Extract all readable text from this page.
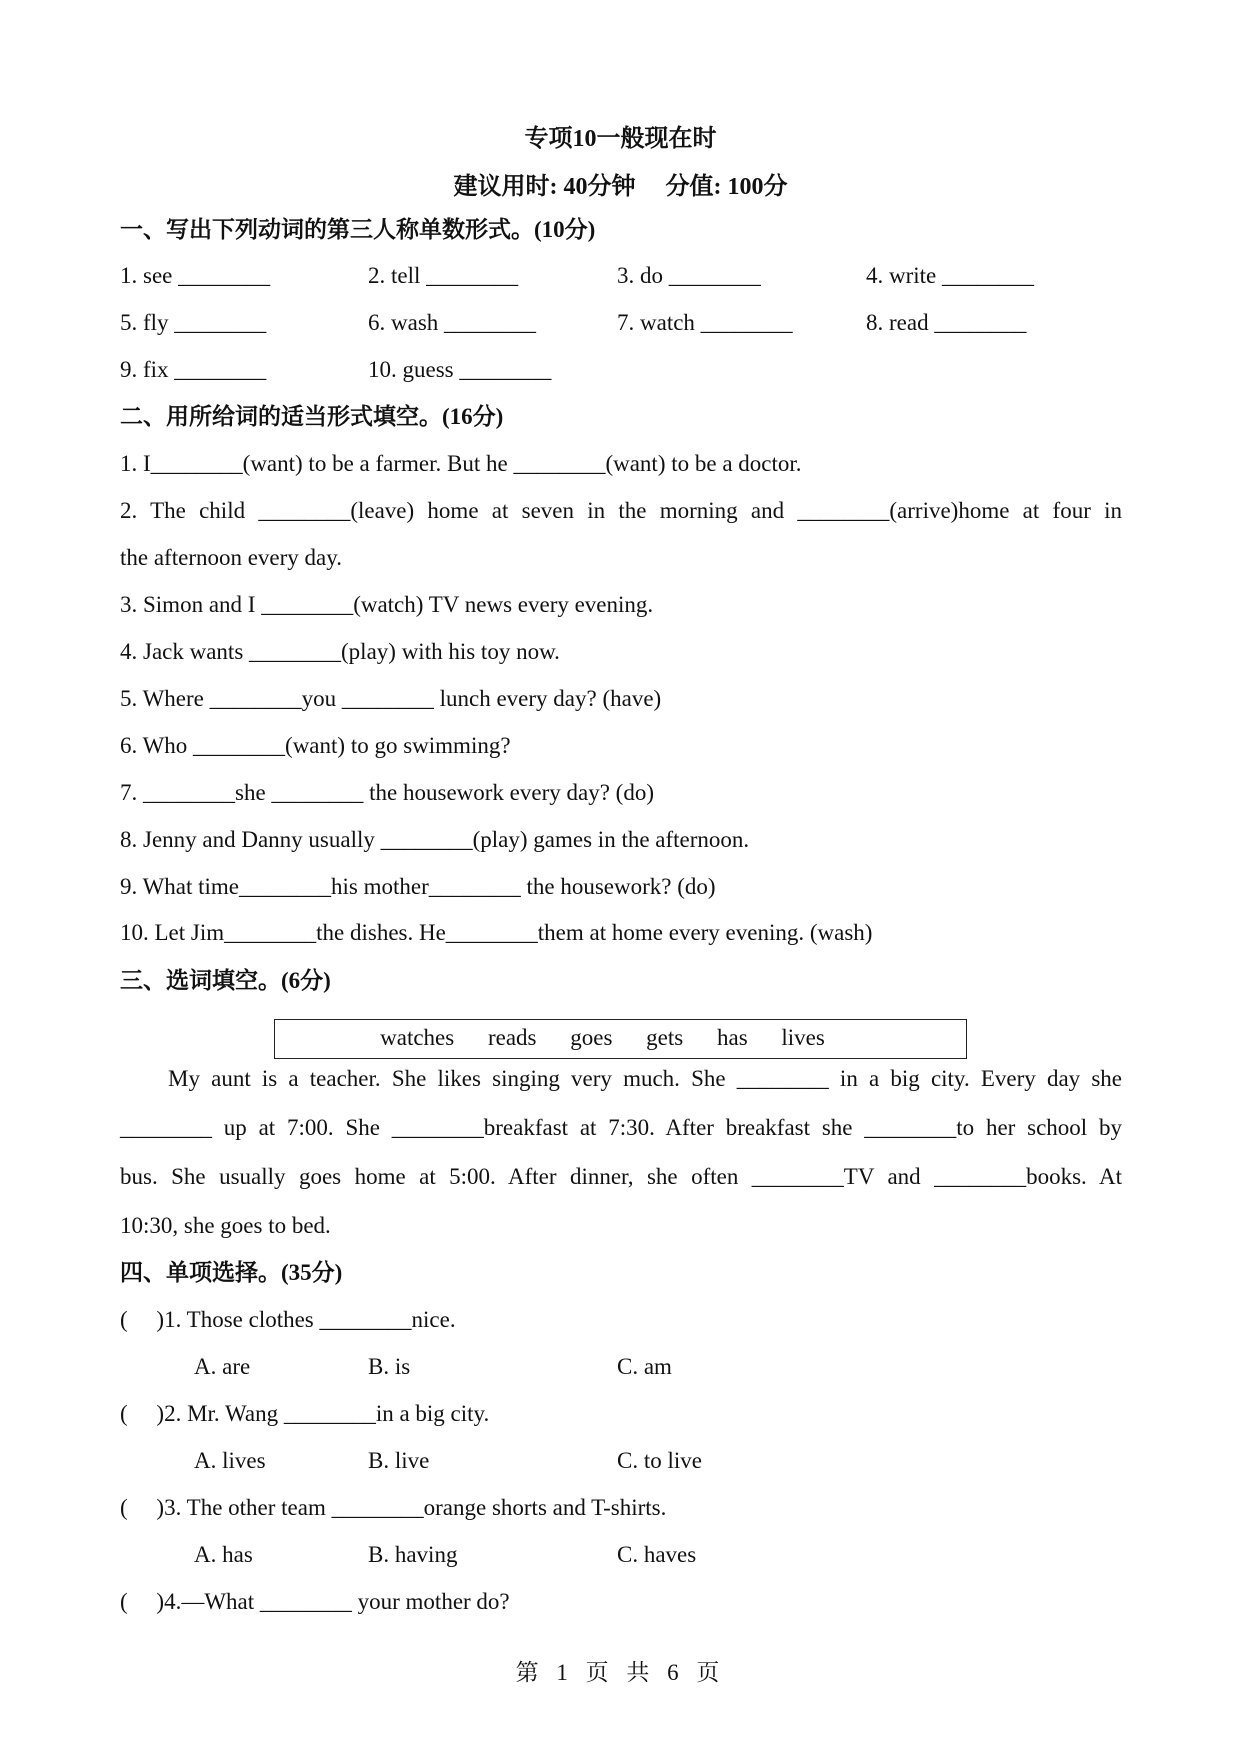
专项10一般现在时
建议用时: 40分钟　 分值: 100分
一、写出下列动词的第三人称单数形式。(10分)
1. see ________	2. tell ________	3. do ________	4. write ________
5. fly ________	6. wash ________	7. watch ________	8. read ________
9. fix ________	10. guess ________
二、用所给词的适当形式填空。(16分)
1. I________(want) to be a farmer. But he ________(want) to be a doctor.
2. The child ________(leave) home at seven in the morning and ________(arrive)home at four in
the afternoon every day.
3. Simon and I ________(watch) TV news every evening.
4. Jack wants ________(play) with his toy now.
5. Where ________you ________ lunch every day? (have)
6. Who ________(want) to go swimming?
7. ________she ________ the housework every day? (do)
8. Jenny and Danny usually ________(play) games in the afternoon.
9. What time________his mother________ the housework? (do)
10. Let Jim________the dishes. He________them at home every evening. (wash)
三、选词填空。(6分)
watches reads goes gets has lives
My aunt is a teacher. She likes singing very much. She ________ in a big city. Every day she
________ up at 7:00. She ________breakfast at 7:30. After breakfast she ________to her school by
bus. She usually goes home at 5:00. After dinner, she often ________TV and ________books. At
10:30, she goes to bed.
四、单项选择。(35分)
(　 )1. Those clothes ________nice.
A. are	B. is	C. am
(　 )2. Mr. Wang ________in a big city.
A. lives	B. live	C. to live
(　 )3. The other team ________orange shorts and T-shirts.
A. has	B. having	C. haves
(　 )4.—What ________ your mother do?
第 1 页 共 6 页
